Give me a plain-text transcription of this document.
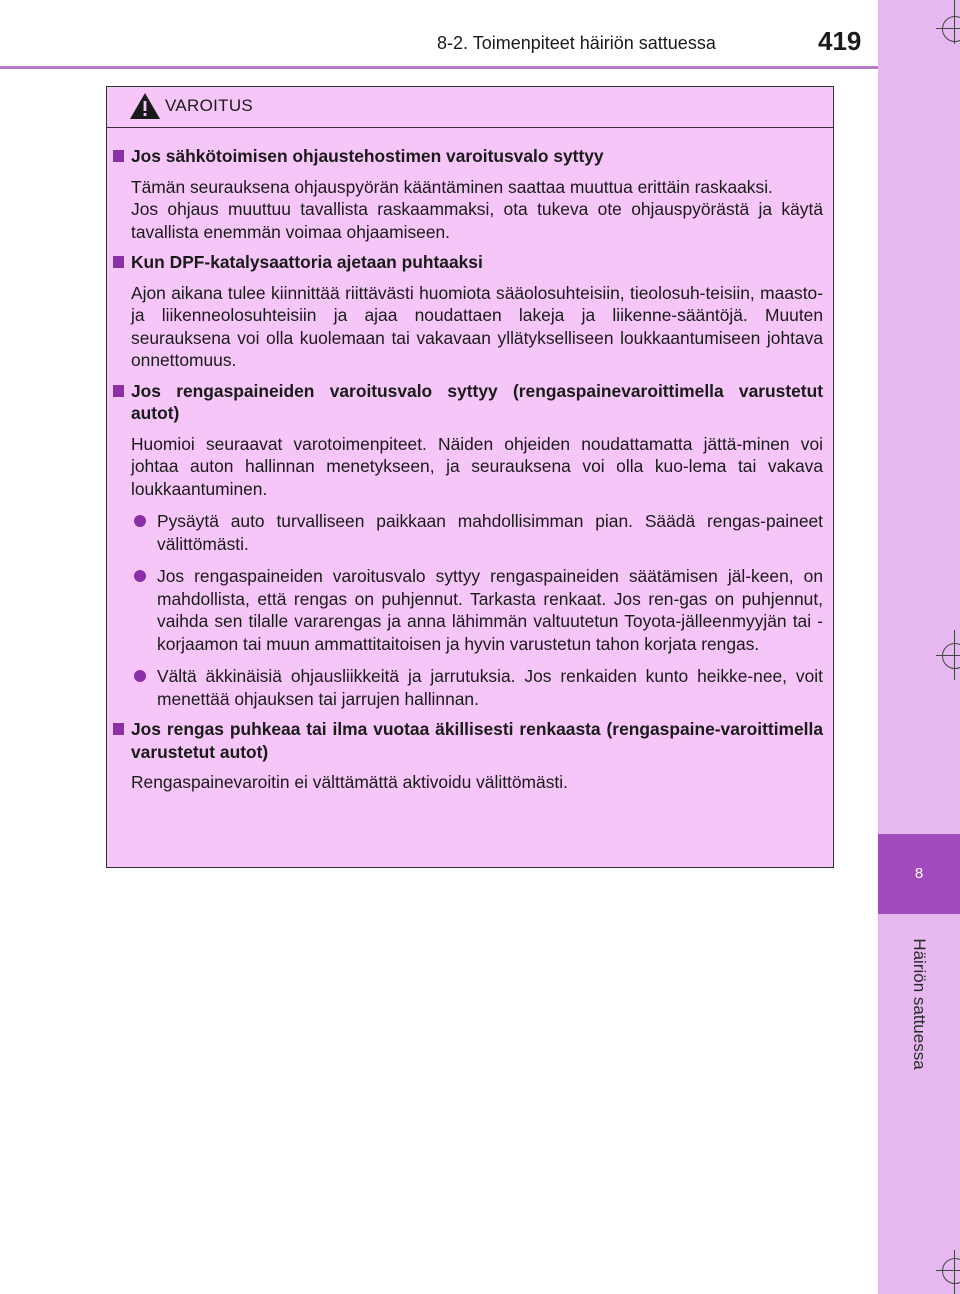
8
Häiriön sattuessa
8-2. Toimenpiteet häiriön sattuessa	419
VAROITUS
Jos sähkötoimisen ohjaustehostimen varoitusvalo syttyy
Tämän seurauksena ohjauspyörän kääntäminen saattaa muuttua erittäin raskaaksi.
Jos ohjaus muuttuu tavallista raskaammaksi, ota tukeva ote ohjauspyörästä ja käytä tavallista enemmän voimaa ohjaamiseen.
Kun DPF-katalysaattoria ajetaan puhtaaksi
Ajon aikana tulee kiinnittää riittävästi huomiota sääolosuhteisiin, tieolosuh-teisiin, maasto- ja liikenneolosuhteisiin ja ajaa noudattaen lakeja ja liikenne-sääntöjä. Muuten seurauksena voi olla kuolemaan tai vakavaan yllätykselliseen loukkaantumiseen johtava onnettomuus.
Jos rengaspaineiden varoitusvalo syttyy (rengaspainevaroittimella varustetut autot)
Huomioi seuraavat varotoimenpiteet. Näiden ohjeiden noudattamatta jättä-minen voi johtaa auton hallinnan menetykseen, ja seurauksena voi olla kuo-lema tai vakava loukkaantuminen.
Pysäytä auto turvalliseen paikkaan mahdollisimman pian. Säädä rengas-paineet välittömästi.
Jos rengaspaineiden varoitusvalo syttyy rengaspaineiden säätämisen jäl-keen, on mahdollista, että rengas on puhjennut. Tarkasta renkaat. Jos ren-gas on puhjennut, vaihda sen tilalle vararengas ja anna lähimmän valtuutetun Toyota-jälleenmyyjän tai -korjaamon tai muun ammattitaitoisen ja hyvin varustetun tahon korjata rengas.
Vältä äkkinäisiä ohjausliikkeitä ja jarrutuksia. Jos renkaiden kunto heikke-nee, voit menettää ohjauksen tai jarrujen hallinnan.
Jos rengas puhkeaa tai ilma vuotaa äkillisesti renkaasta (rengaspaine-varoittimella varustetut autot)
Rengaspainevaroitin ei välttämättä aktivoidu välittömästi.
